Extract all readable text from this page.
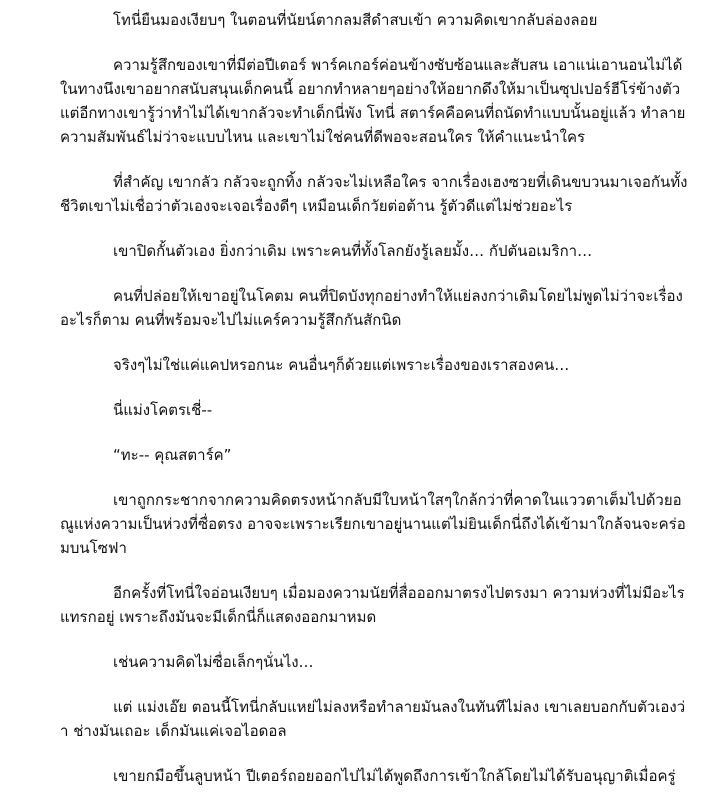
โทนี่ยืนมองเงียบๆ ในตอนที่นัยน์ตากลมสีดำสบเข้า ความคิดเขากลับล่องลอย

ความรู้สึกของเขาที่มีต่อปีเตอร์ พาร์คเกอร์ค่อนข้างซับซ้อนและสับสน เอาแน่เอานอนไม่ได้ ในทางนึงเขาอยากสนับสนุนเด็กคนนี้ อยากทำหลายๆอย่างให้อยากดึงให้มาเป็นซุปเปอร์ฮีโร่ข้างตัว แต่อีกทางเขารู้ว่าทำไม่ได้เขากลัวจะทำเด็กนี่พัง โทนี่ สตาร์คคือคนที่ถนัดทำแบบนั้นอยู่แล้ว ทำลายความสัมพันธ์ไม่ว่าจะแบบไหน และเขาไม่ใช่คนที่ดีพอจะสอนใคร ให้คำแนะนำใคร

ที่สำคัญ เขากลัว กลัวจะถูกทิ้ง กลัวจะไม่เหลือใคร จากเรื่องเฮงซวยที่เดินขบวนมาเจอกันทั้งชีวิตเขาไม่เชื่อว่าตัวเองจะเจอเรื่องดีๆ เหมือนเด็กวัยต่อต้าน รู้ตัวดีแต่ไม่ช่วยอะไร

เขาปิดกั้นตัวเอง ยิ่งกว่าเดิม เพราะคนที่ทั้งโลกยังรู้เลยมั้ง… กัปตันอเมริกา…

คนที่ปล่อยให้เขาอยู่ในโคตม คนที่ปิดบังทุกอย่างทำให้แย่ลงกว่าเดิมโดยไม่พูดไม่ว่าจะเรื่องอะไรก็ตาม คนที่พร้อมจะไปไม่แคร์ความรู้สึกกันสักนิด

จริงๆไม่ใช่แค่แคปหรอกนะ คนอื่นๆก็ด้วยแต่เพราะเรื่องของเราสองคน…

นี่แม่งโคตรเชี่--

“ทะ-- คุณสตาร์ค”

เขาถูกกระชากจากความคิดตรงหน้ากลับมีใบหน้าใสๆใกล้กว่าที่คาดในแววตาเต็มไปด้วยอณูแห่งความเป็นห่วงที่ซื่อตรง อาจจะเพราะเรียกเขาอยู่นานแต่ไม่ยินเด็กนี่ถึงได้เข้ามาใกล้จนจะคร่อมบนโซฟา

อีกครั้งที่โทนี่ใจอ่อนเงียบๆ เมื่อมองความนัยที่สื่อออกมาตรงไปตรงมา ความห่วงที่ไม่มีอะไรแทรกอยู่ เพราะถึงมันจะมีเด็กนี่ก็แสดงออกมาหมด

เช่นความคิดไม่ซื่อเล็กๆนั่นไง…

แต่ แม่งเอ๊ย ตอนนี้โทนี่กลับแหย่ไม่ลงหรือทำลายมันลงในทันทีไม่ลง เขาเลยบอกกับตัวเองว่า ช่างมันเถอะ เด็กมันแค่เจอไอดอล

เขายกมือขึ้นลูบหน้า ปีเตอร์ถอยออกไปไม่ได้พูดถึงการเข้าใกล้โดยไม่ได้รับอนุญาติเมื่อครู่
